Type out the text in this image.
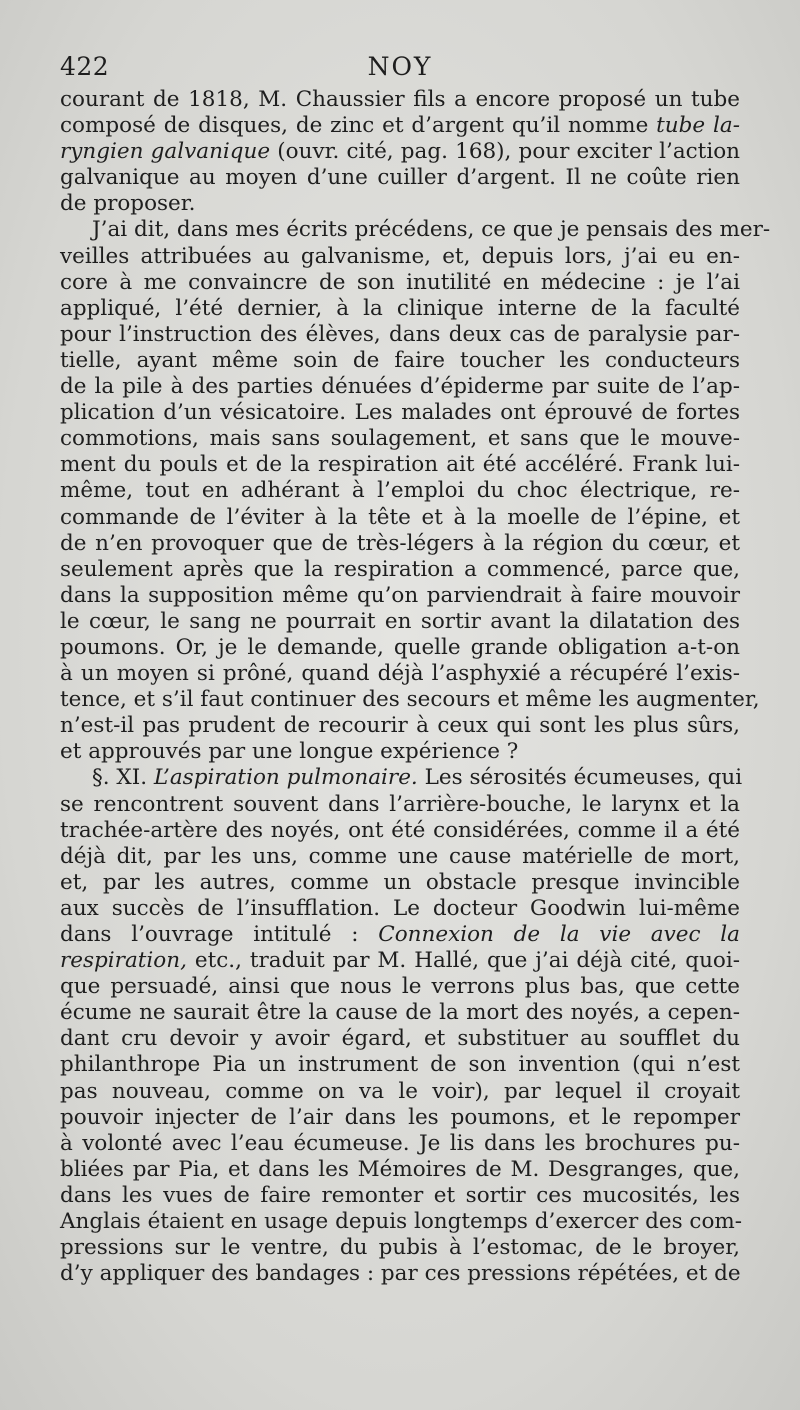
422	NOY
courant de 1818, M. Chaussier fils a encore proposé un tube
composé de disques, de zinc et d’argent qu’il nomme tube la-
ryngien galvanique (ouvr. cité, pag. 168), pour exciter l’action
galvanique au moyen d’une cuiller d’argent. Il ne coûte rien
de proposer.
J’ai dit, dans mes écrits précédens, ce que je pensais des mer-
veilles attribuées au galvanisme, et, depuis lors, j’ai eu en-
core à me convaincre de son inutilité en médecine : je l’ai
appliqué, l’été dernier, à la clinique interne de la faculté
pour l’instruction des élèves, dans deux cas de paralysie par-
tielle, ayant même soin de faire toucher les conducteurs
de la pile à des parties dénuées d’épiderme par suite de l’ap-
plication d’un vésicatoire. Les malades ont éprouvé de fortes
commotions, mais sans soulagement, et sans que le mouve-
ment du pouls et de la respiration ait été accéléré. Frank lui-
même, tout en adhérant à l’emploi du choc électrique, re-
commande de l’éviter à la tête et à la moelle de l’épine, et
de n’en provoquer que de très-légers à la région du cœur, et
seulement après que la respiration a commencé, parce que,
dans la supposition même qu’on parviendrait à faire mouvoir
le cœur, le sang ne pourrait en sortir avant la dilatation des
poumons. Or, je le demande, quelle grande obligation a-t-on
à un moyen si prôné, quand déjà l’asphyxié a récupéré l’exis-
tence, et s’il faut continuer des secours et même les augmenter,
n’est-il pas prudent de recourir à ceux qui sont les plus sûrs,
et approuvés par une longue expérience ?
§. XI. L’aspiration pulmonaire. Les sérosités écumeuses, qui
se rencontrent souvent dans l’arrière-bouche, le larynx et la
trachée-artère des noyés, ont été considérées, comme il a été
déjà dit, par les uns, comme une cause matérielle de mort,
et, par les autres, comme un obstacle presque invincible
aux succès de l’insufflation. Le docteur Goodwin lui-même
dans l’ouvrage intitulé : Connexion de la vie avec la
respiration, etc., traduit par M. Hallé, que j’ai déjà cité, quoi-
que persuadé, ainsi que nous le verrons plus bas, que cette
écume ne saurait être la cause de la mort des noyés, a cepen-
dant cru devoir y avoir égard, et substituer au soufflet du
philanthrope Pia un instrument de son invention (qui n’est
pas nouveau, comme on va le voir), par lequel il croyait
pouvoir injecter de l’air dans les poumons, et le repomper
à volonté avec l’eau écumeuse. Je lis dans les brochures pu-
bliées par Pia, et dans les Mémoires de M. Desgranges, que,
dans les vues de faire remonter et sortir ces mucosités, les
Anglais étaient en usage depuis longtemps d’exercer des com-
pressions sur le ventre, du pubis à l’estomac, de le broyer,
d’y appliquer des bandages : par ces pressions répétées, et de
